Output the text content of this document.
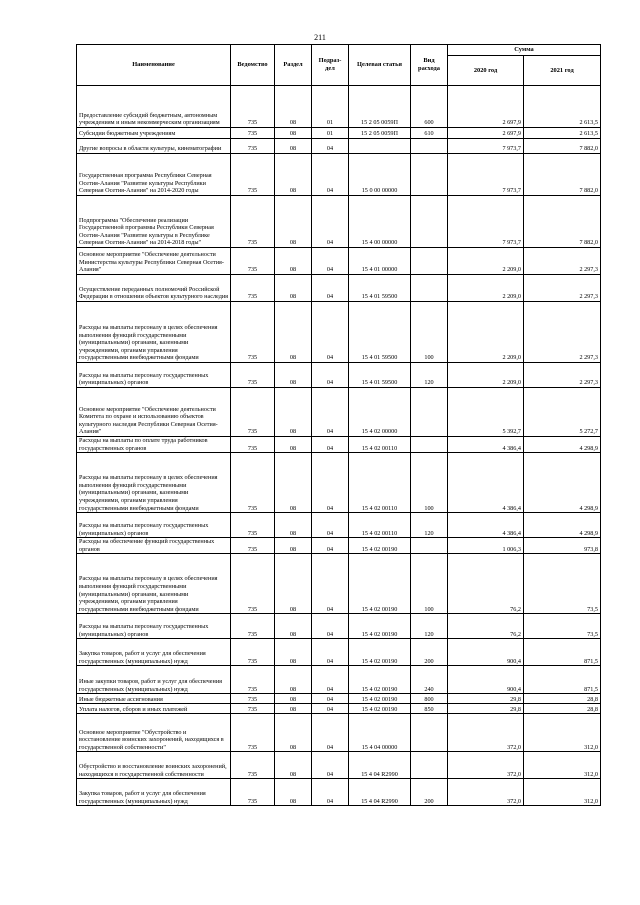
211
Наименование	Ведомство	Раздел	Подраз-дел	Целевая статья	Вид расхода	Сумма	
						2020 год	2021 год
Предоставление субсидий бюджетным, автономным учреждениям и иным некоммерческим организациям	735	08	01	15 2 05 0059П	600	2 697,9	2 613,5
Субсидии бюджетным учреждениям	735	08	01	15 2 05 0059П	610	2 697,9	2 613,5
Другие вопросы в области культуры, кинематографии	735	08	04			7 973,7	7 882,0
Государственная программа Республики Северная Осетия-Алания "Развитие культуры Республики Северная Осетия-Алания" на 2014-2020 годы	735	08	04	15 0 00 00000		7 973,7	7 882,0
Подпрограмма "Обеспечение реализации Государственной программы Республики Северная Осетия-Алания "Развитие культуры в Республике Северная Осетия-Алания" на 2014-2018 годы"	735	08	04	15 4 00 00000		7 973,7	7 882,0
Основное мероприятие "Обеспечение деятельности Министерства культуры Республики Северная Осетия-Алания"	735	08	04	15 4 01 00000		2 209,0	2 297,3
Осуществление переданных полномочий Российской Федерации в отношении объектов культурного наследия	735	08	04	15 4 01 59500		2 209,0	2 297,3
Расходы на выплаты персоналу в целях обеспечения выполнения функций государственными (муниципальными) органами, казенными учреждениями, органами управления государственными внебюджетными фондами	735	08	04	15 4 01 59500	100	2 209,0	2 297,3
Расходы на выплаты персоналу государственных (муниципальных) органов	735	08	04	15 4 01 59500	120	2 209,0	2 297,3
Основное мероприятие "Обеспечение деятельности Комитета по охране и использованию объектов культурного наследия Республики Северная Осетия-Алания"	735	08	04	15 4 02 00000		5 392,7	5 272,7
Расходы на выплаты по оплате труда работников государственных органов	735	08	04	15 4 02 00110		4 386,4	4 298,9
Расходы на выплаты персоналу в целях обеспечения выполнения функций государственными (муниципальными) органами, казенными учреждениями, органами управления государственными внебюджетными фондами	735	08	04	15 4 02 00110	100	4 386,4	4 298,9
Расходы на выплаты персоналу государственных (муниципальных) органов	735	08	04	15 4 02 00110	120	4 386,4	4 298,9
Расходы на обеспечение функций государственных органов	735	08	04	15 4 02 00190		1 006,3	973,8
Расходы на выплаты персоналу в целях обеспечения выполнения функций государственными (муниципальными) органами, казенными учреждениями, органами управления государственными внебюджетными фондами	735	08	04	15 4 02 00190	100	76,2	73,5
Расходы на выплаты персоналу государственных (муниципальных) органов	735	08	04	15 4 02 00190	120	76,2	73,5
Закупка товаров, работ и услуг для обеспечения государственных (муниципальных) нужд	735	08	04	15 4 02 00190	200	900,4	871,5
Иные закупки товаров, работ и услуг для обеспечения государственных (муниципальных) нужд	735	08	04	15 4 02 00190	240	900,4	871,5
Иные бюджетные ассигнования	735	08	04	15 4 02 00190	800	29,8	28,8
Уплата налогов, сборов и иных платежей	735	08	04	15 4 02 00190	850	29,8	28,8
Основное мероприятие "Обустройство и восстановление воинских захоронений, находящихся в государственной собственности"	735	08	04	15 4 04 00000		372,0	312,0
Обустройство и восстановление воинских захоронений, находящихся в государственной собственности	735	08	04	15 4 04 R2990		372,0	312,0
Закупка товаров, работ и услуг для обеспечения государственных (муниципальных) нужд	735	08	04	15 4 04 R2990	200	372,0	312,0
